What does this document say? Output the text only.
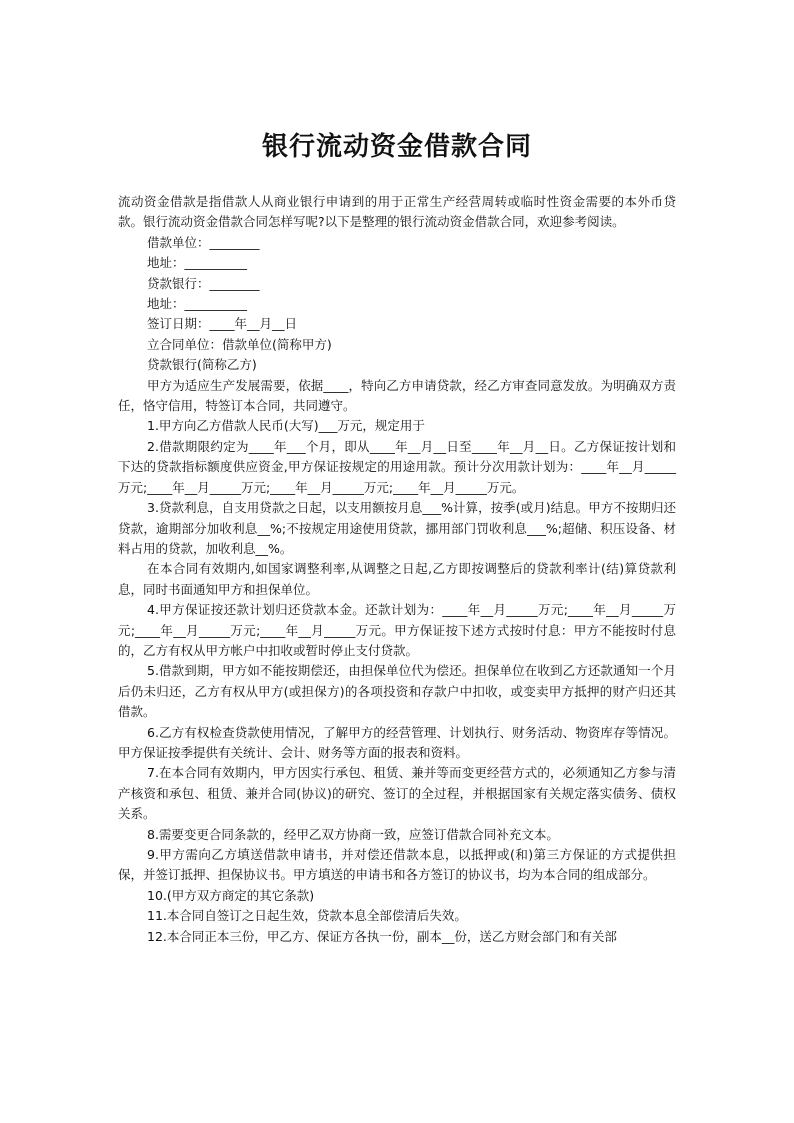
银行流动资金借款合同

流动资金借款是指借款人从商业银行申请到的用于正常生产经营周转或临时性资金需要的本外币贷款。银行流动资金借款合同怎样写呢?以下是整理的银行流动资金借款合同，欢迎参考阅读。

借款单位：________

地址：__________

贷款银行：________

地址：__________

签订日期：____年__月__日

立合同单位：借款单位(简称甲方)

贷款银行(简称乙方)

甲方为适应生产发展需要，依据____，特向乙方申请贷款，经乙方审查同意发放。为明确双方责任，恪守信用，特签订本合同，共同遵守。

1.甲方向乙方借款人民币(大写)___万元，规定用于

2.借款期限约定为____年___个月，即从____年__月__日至____年__月__日。乙方保证按计划和下达的贷款指标额度供应资金,甲方保证按规定的用途用款。预计分次用款计划为：____年__月_____万元;____年__月_____万元;____年__月_____万元;____年__月_____万元。

3.贷款利息，自支用贷款之日起，以支用额按月息___%计算，按季(或月)结息。甲方不按期归还贷款，逾期部分加收利息__%;不按规定用途使用贷款，挪用部门罚收利息___%;超储、积压设备、材料占用的贷款，加收利息__%。

在本合同有效期内,如国家调整利率,从调整之日起,乙方即按调整后的贷款利率计(结)算贷款利息，同时书面通知甲方和担保单位。

4.甲方保证按还款计划归还贷款本金。还款计划为：____年__月_____万元;____年__月_____万元;____年__月_____万元;____年__月_____万元。甲方保证按下述方式按时付息：甲方不能按时付息的，乙方有权从甲方帐户中扣收或暂时停止支付贷款。

5.借款到期，甲方如不能按期偿还，由担保单位代为偿还。担保单位在收到乙方还款通知一个月后仍未归还，乙方有权从甲方(或担保方)的各项投资和存款户中扣收，或变卖甲方抵押的财产归还其借款。

6.乙方有权检查贷款使用情况，了解甲方的经营管理、计划执行、财务活动、物资库存等情况。甲方保证按季提供有关统计、会计、财务等方面的报表和资料。

7.在本合同有效期内，甲方因实行承包、租赁、兼并等而变更经营方式的，必须通知乙方参与清产核资和承包、租赁、兼并合同(协议)的研究、签订的全过程，并根据国家有关规定落实债务、债权关系。

8.需要变更合同条款的，经甲乙双方协商一致，应签订借款合同补充文本。

9.甲方需向乙方填送借款申请书，并对偿还借款本息，以抵押或(和)第三方保证的方式提供担保，并签订抵押、担保协议书。甲方填送的申请书和各方签订的协议书，均为本合同的组成部分。

10.(甲方双方商定的其它条款)

11.本合同自签订之日起生效，贷款本息全部偿清后失效。

12.本合同正本三份，甲乙方、保证方各执一份，副本__份，送乙方财会部门和有关部
